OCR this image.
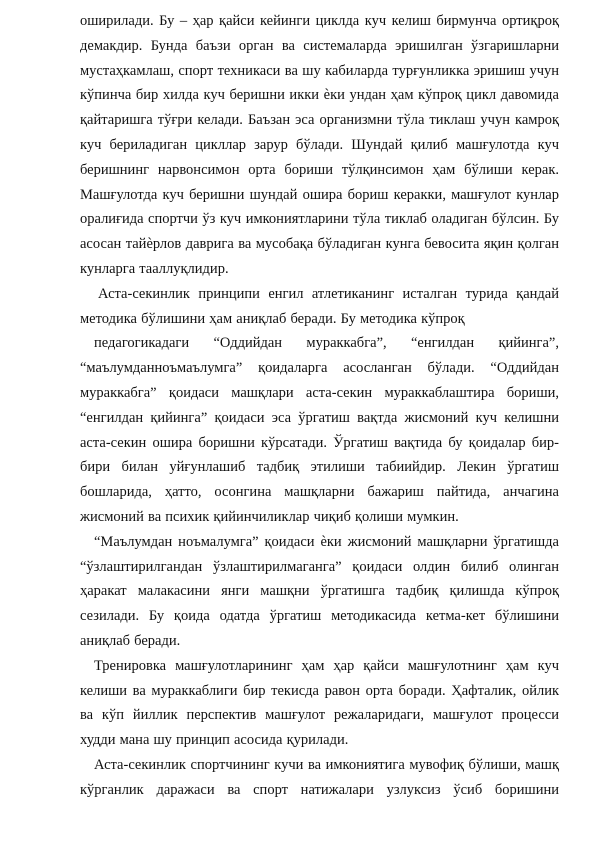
оширилади. Бу – ҳар қайси кейинги циклда куч келиш бирмунча ортиқроқ демакдир. Бунда баъзи орган ва системаларда эришилган ўзгаришларни мустаҳкамлаш, спорт техникаси ва шу кабиларда турғунликка эришиш учун кўпинча бир хилда куч беришни икки ѐки ундан ҳам кўпроқ цикл давомида қайтаришга тўғри келади. Баъзан эса организмни тўла тиклаш учун камроқ куч бериладиган цикллар зарур бўлади. Шундай қилиб машғулотда куч беришнинг нарвонсимон орта бориши тўлқинсимон ҳам бўлиши керак. Машғулотда куч беришни шундай ошира бориш керакки, машғулот кунлар оралиғида спортчи ўз куч имкониятларини тўла тиклаб оладиган бўлсин. Бу асосан тайѐрлов даврига ва мусобақа бўладиган кунга бевосита яқин қолган кунларга тааллуқлидир.

Аста-секинлик принципи енгил атлетиканинг исталган турида қандай методика бўлишини ҳам аниқлаб беради. Бу методика кўпроқ

педагогикадаги “Оддийдан мураккабга”, “енгилдан қийинга”, “маълумданноъмаълумга” қоидаларга асосланган бўлади. “Оддийдан мураккабга” қоидаси машқлари аста-секин мураккаблаштира бориши, “енгилдан қийинга” қоидаси эса ўргатиш вақтда жисмоний куч келишни аста-секин ошира боришни кўрсатади. Ўргатиш вақтида бу қоидалар бир-бири билан уйғунлашиб тадбиқ этилиши табиийдир. Лекин ўргатиш бошларида, ҳатто, осонгина машқларни бажариш пайтида, анчагина жисмоний ва психик қийинчиликлар чиқиб қолиши мумкин.

“Маълумдан ноъмалумга” қоидаси ѐки жисмоний машқларни ўргатишда “ўзлаштирилгандан ўзлаштирилмаганга” қоидаси олдин билиб олинган ҳаракат малакасини янги машқни ўргатишга тадбиқ қилишда кўпроқ сезилади. Бу қоида одатда ўргатиш методикасида кетма-кет бўлишини аниқлаб беради.

Тренировка машғулотларининг ҳам ҳар қайси машғулотнинг ҳам куч келиши ва мураккаблиги бир текисда равон орта боради. Ҳафталик, ойлик ва кўп йиллик перспектив машғулот режаларидаги, машғулот процесси худди мана шу принцип асосида қурилади.

Аста-секинлик спортчининг кучи ва имкониятига мувофиқ бўлиши, машқ кўрганлик даражаси ва спорт натижалари узлуксиз ўсиб боришини
